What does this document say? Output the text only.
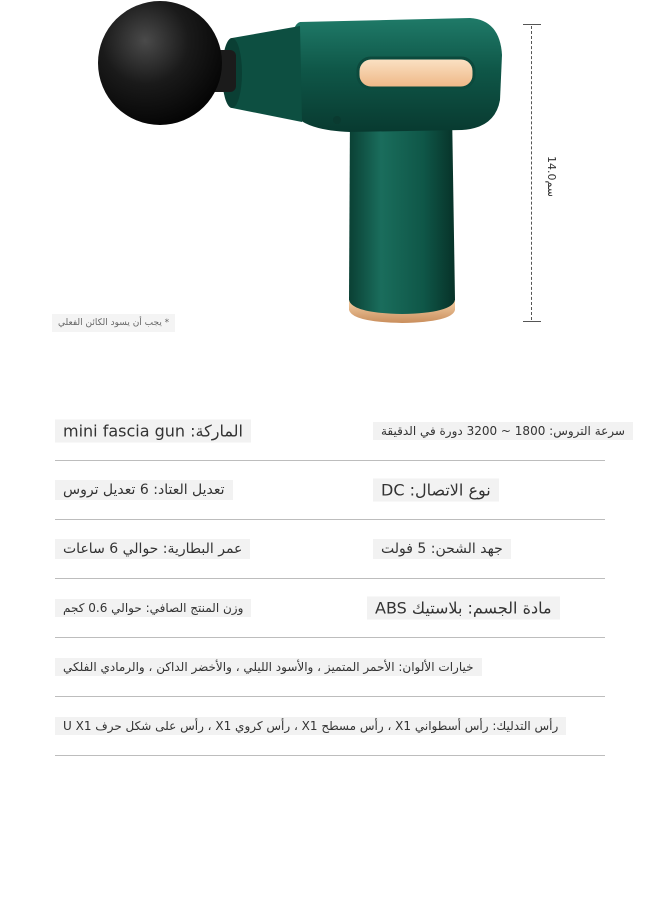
14.0سم
* يجب أن يسود الكائن الفعلي
الماركة: mini fascia gun	سرعة التروس: 1800 ~ 3200 دورة في الدقيقة
تعديل العتاد: 6 تعديل تروس	نوع الاتصال: DC
عمر البطارية: حوالي 6 ساعات	جهد الشحن: 5 فولت
وزن المنتج الصافي: حوالي 0.6 كجم	مادة الجسم: بلاستيك ABS
خيارات الألوان: الأحمر المتميز ، والأسود الليلي ، والأخضر الداكن ، والرمادي الفلكي
رأس التدليك: رأس أسطواني X1 ، رأس مسطح X1 ، رأس كروي X1 ، رأس على شكل حرف U X1
